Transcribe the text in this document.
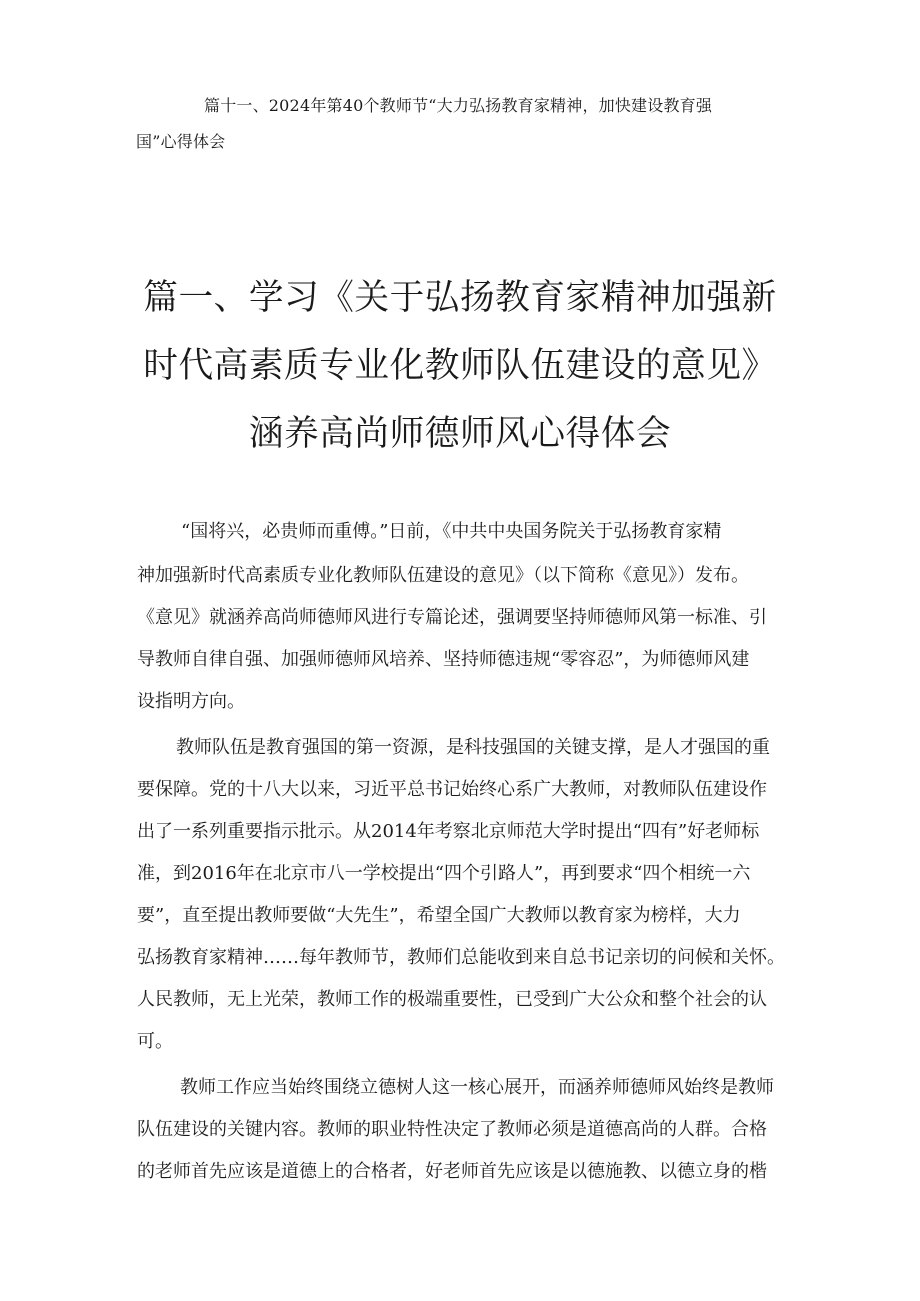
篇十一、2024年第40个教师节“大力弘扬教育家精神，加快建设教育强
国”心得体会
篇一、学习《关于弘扬教育家精神加强新
时代高素质专业化教师队伍建设的意见》
涵养高尚师德师风心得体会
“国将兴，必贵师而重傅。”日前，《中共中央国务院关于弘扬教育家精
神加强新时代高素质专业化教师队伍建设的意见》（以下简称《意见》）发布。
《意见》就涵养高尚师德师风进行专篇论述，强调要坚持师德师风第一标准、引
导教师自律自强、加强师德师风培养、坚持师德违规“零容忍”，为师德师风建
设指明方向。
教师队伍是教育强国的第一资源，是科技强国的关键支撑，是人才强国的重
要保障。党的十八大以来，习近平总书记始终心系广大教师，对教师队伍建设作
出了一系列重要指示批示。从2014年考察北京师范大学时提出“四有”好老师标
准，到2016年在北京市八一学校提出“四个引路人”，再到要求“四个相统一六
要”，直至提出教师要做“大先生”，希望全国广大教师以教育家为榜样，大力
弘扬教育家精神……每年教师节，教师们总能收到来自总书记亲切的问候和关怀。
人民教师，无上光荣，教师工作的极端重要性，已受到广大公众和整个社会的认
可。
教师工作应当始终围绕立德树人这一核心展开，而涵养师德师风始终是教师
队伍建设的关键内容。教师的职业特性决定了教师必须是道德高尚的人群。合格
的老师首先应该是道德上的合格者，好老师首先应该是以德施教、以德立身的楷
